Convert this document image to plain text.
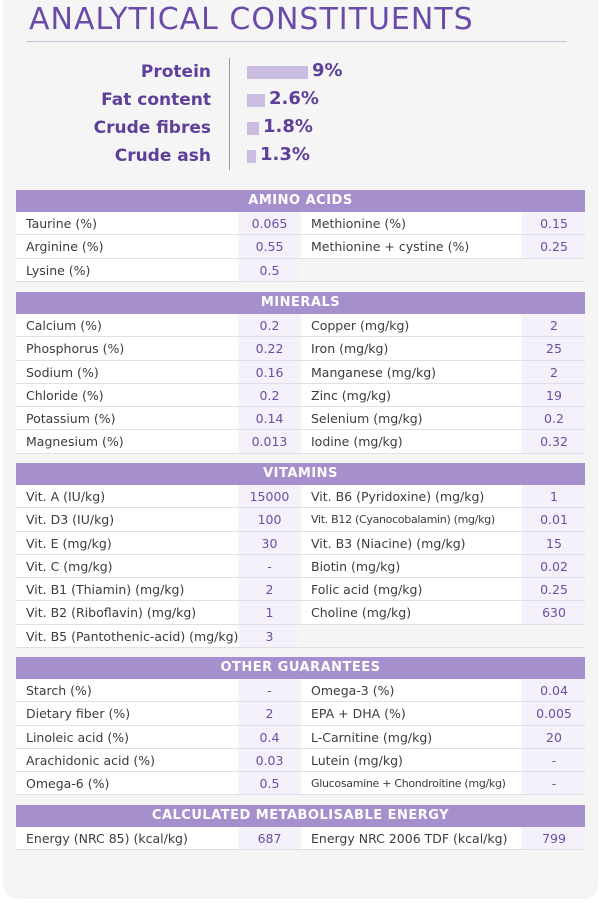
ANALYTICAL CONSTITUENTS
Protein	9%
Fat content	2.6%
Crude fibres	1.8%
Crude ash	1.3%
AMINO ACIDS
Taurine (%)	0.065	Methionine (%)	0.15
Arginine (%)	0.55	Methionine + cystine (%)	0.25
Lysine (%)	0.5
MINERALS
Calcium (%)	0.2	Copper (mg/kg)	2
Phosphorus (%)	0.22	Iron (mg/kg)	25
Sodium (%)	0.16	Manganese (mg/kg)	2
Chloride (%)	0.2	Zinc (mg/kg)	19
Potassium (%)	0.14	Selenium (mg/kg)	0.2
Magnesium (%)	0.013	Iodine (mg/kg)	0.32
VITAMINS
Vit. A (IU/kg)	15000	Vit. B6 (Pyridoxine) (mg/kg)	1
Vit. D3 (IU/kg)	100	Vit. B12 (Cyanocobalamin) (mg/kg)	0.01
Vit. E (mg/kg)	30	Vit. B3 (Niacine) (mg/kg)	15
Vit. C (mg/kg)	-	Biotin (mg/kg)	0.02
Vit. B1 (Thiamin) (mg/kg)	2	Folic acid (mg/kg)	0.25
Vit. B2 (Riboflavin) (mg/kg)	1	Choline (mg/kg)	630
Vit. B5 (Pantothenic-acid) (mg/kg)	3
OTHER GUARANTEES
Starch (%)	-	Omega-3 (%)	0.04
Dietary fiber (%)	2	EPA + DHA (%)	0.005
Linoleic acid (%)	0.4	L-Carnitine (mg/kg)	20
Arachidonic acid (%)	0.03	Lutein (mg/kg)	-
Omega-6 (%)	0.5	Glucosamine + Chondroitine (mg/kg)	-
CALCULATED METABOLISABLE ENERGY
Energy (NRC 85) (kcal/kg)	687	Energy NRC 2006 TDF (kcal/kg)	799
